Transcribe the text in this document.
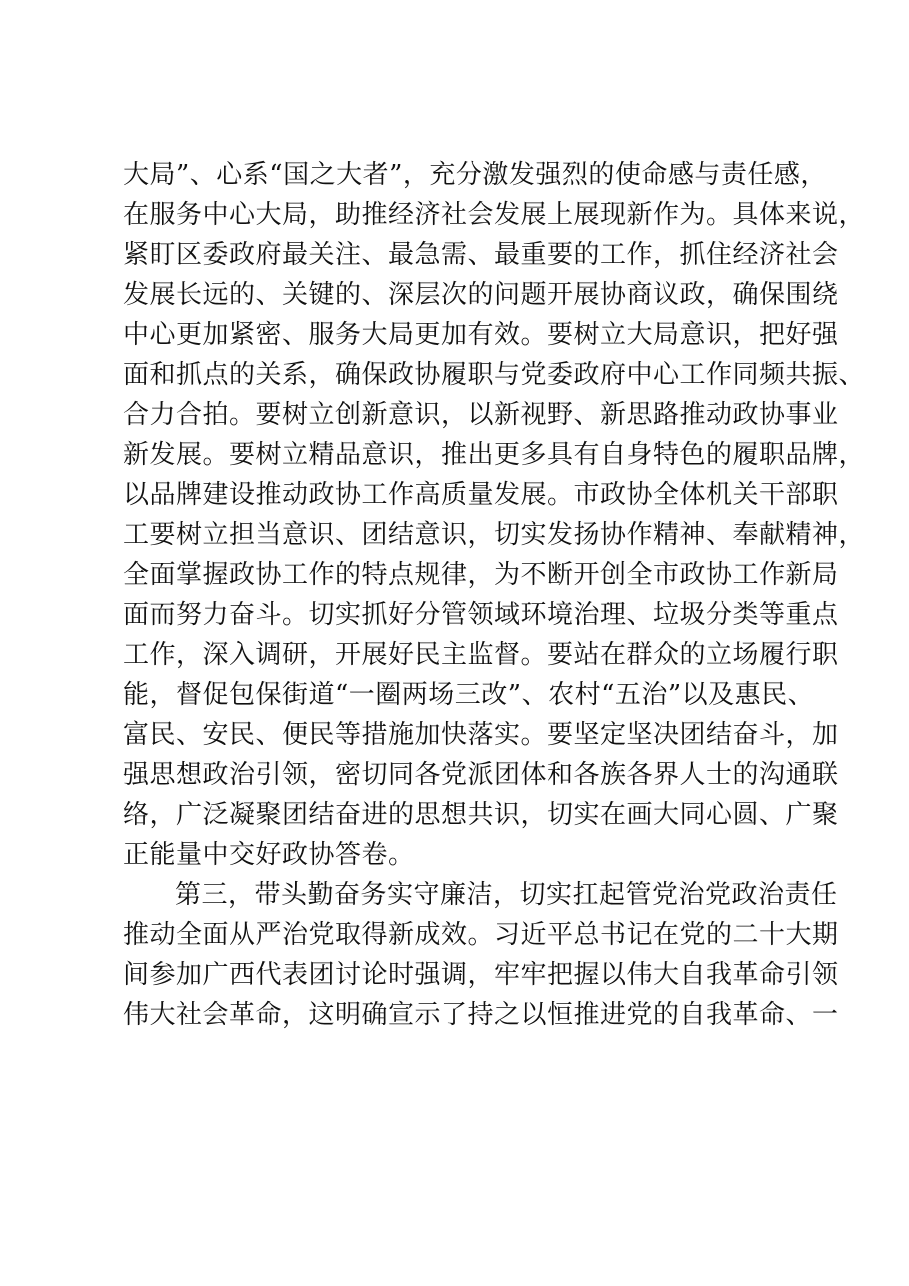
大局”、心系“国之大者”，充分激发强烈的使命感与责任感，
在服务中心大局，助推经济社会发展上展现新作为。具体来说，
紧盯区委政府最关注、最急需、最重要的工作，抓住经济社会
发展长远的、关键的、深层次的问题开展协商议政，确保围绕
中心更加紧密、服务大局更加有效。要树立大局意识，把好强
面和抓点的关系，确保政协履职与党委政府中心工作同频共振、
合力合拍。要树立创新意识，以新视野、新思路推动政协事业
新发展。要树立精品意识，推出更多具有自身特色的履职品牌，
以品牌建设推动政协工作高质量发展。市政协全体机关干部职
工要树立担当意识、团结意识，切实发扬协作精神、奉献精神，
全面掌握政协工作的特点规律，为不断开创全市政协工作新局
面而努力奋斗。切实抓好分管领域环境治理、垃圾分类等重点
工作，深入调研，开展好民主监督。要站在群众的立场履行职
能，督促包保街道“一圈两场三改”、农村“五治”以及惠民、
富民、安民、便民等措施加快落实。要坚定坚决团结奋斗，加
强思想政治引领，密切同各党派团体和各族各界人士的沟通联
络，广泛凝聚团结奋进的思想共识，切实在画大同心圆、广聚
正能量中交好政协答卷。
第三，带头勤奋务实守廉洁，切实扛起管党治党政治责任
推动全面从严治党取得新成效。习近平总书记在党的二十大期
间参加广西代表团讨论时强调，牢牢把握以伟大自我革命引领
伟大社会革命，这明确宣示了持之以恒推进党的自我革命、一
